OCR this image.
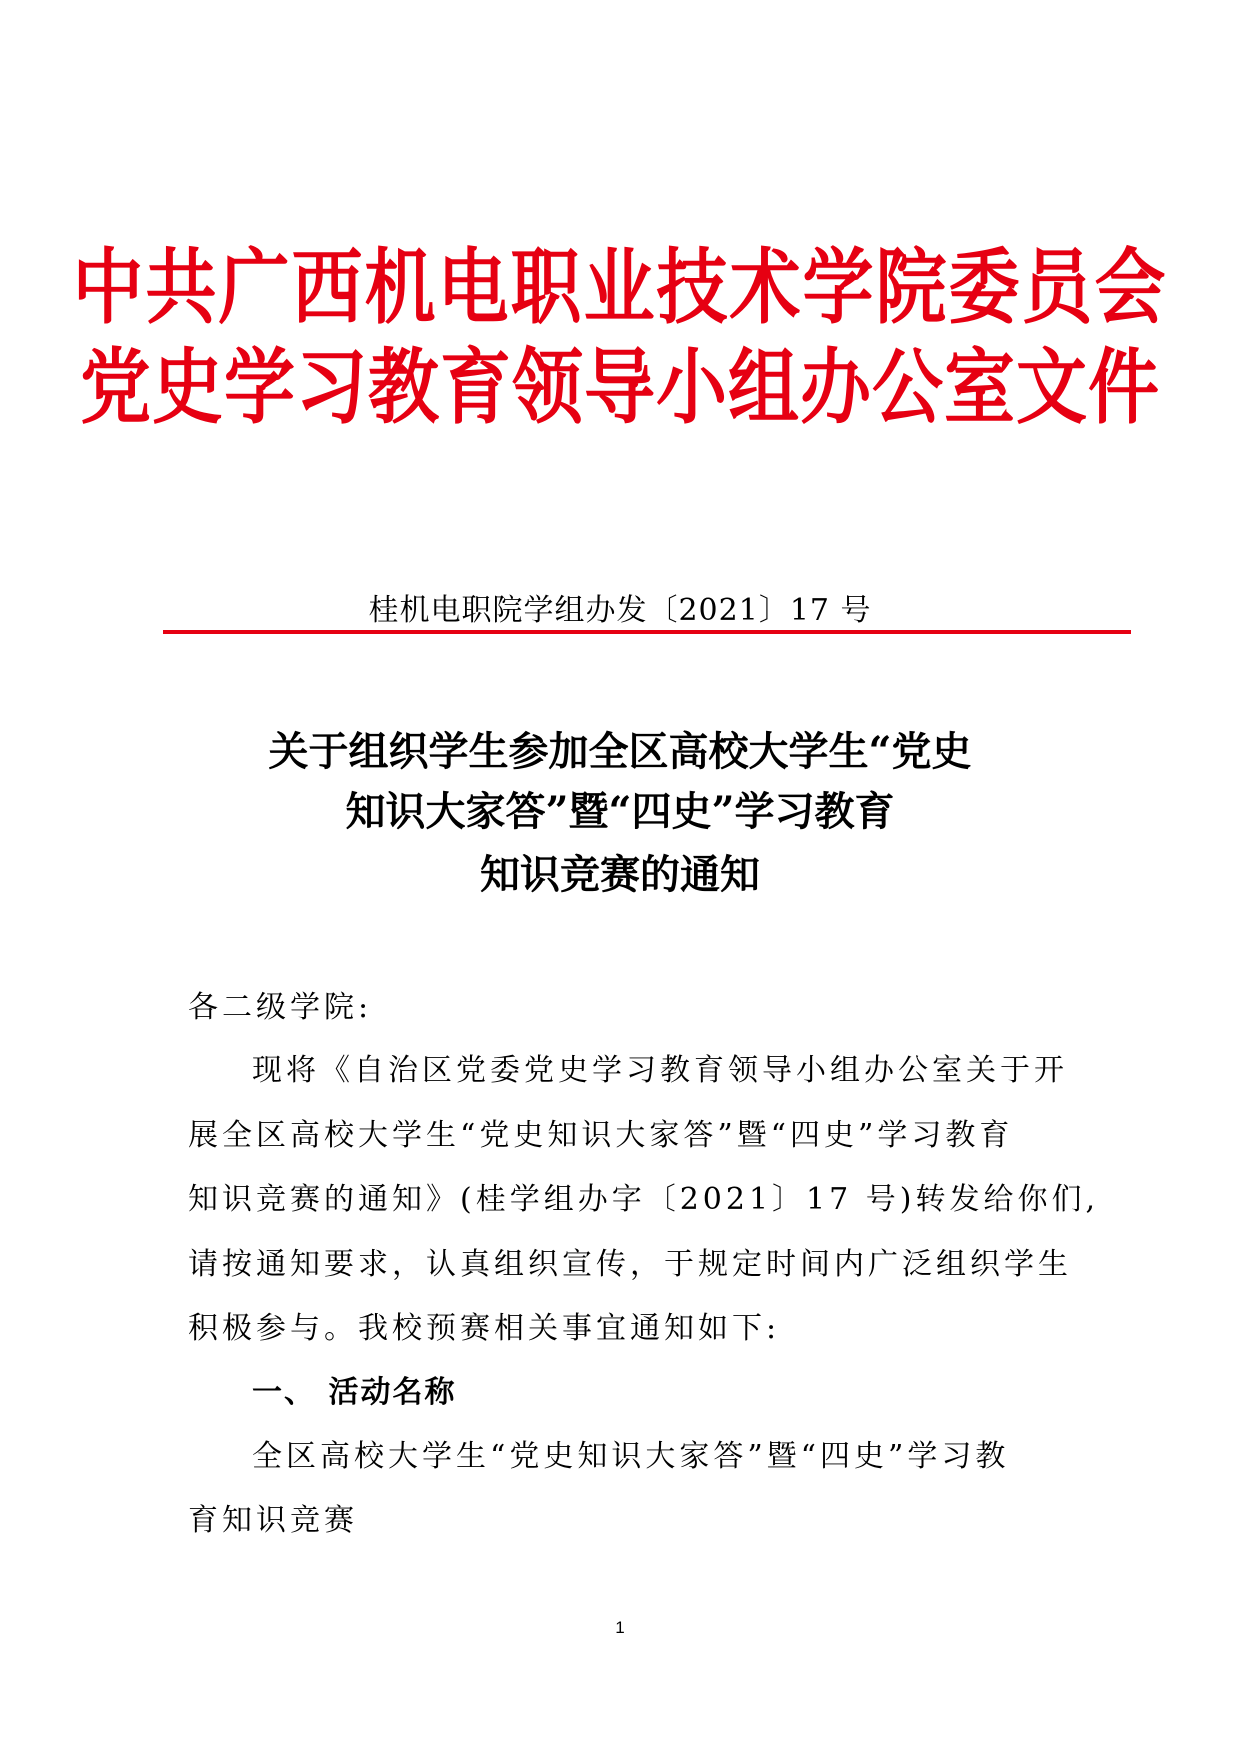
中共广西机电职业技术学院委员会
党史学习教育领导小组办公室文件
桂机电职院学组办发〔2021〕17 号
关于组织学生参加全区高校大学生“党史
知识大家答”暨“四史”学习教育
知识竞赛的通知
各二级学院:
现将《自治区党委党史学习教育领导小组办公室关于开
展全区高校大学生“党史知识大家答”暨“四史”学习教育
知识竞赛的通知》(桂学组办字〔2021〕17 号)转发给你们,
请按通知要求，认真组织宣传，于规定时间内广泛组织学生
积极参与。我校预赛相关事宜通知如下:
一、 活动名称
全区高校大学生“党史知识大家答”暨“四史”学习教
育知识竞赛
1
